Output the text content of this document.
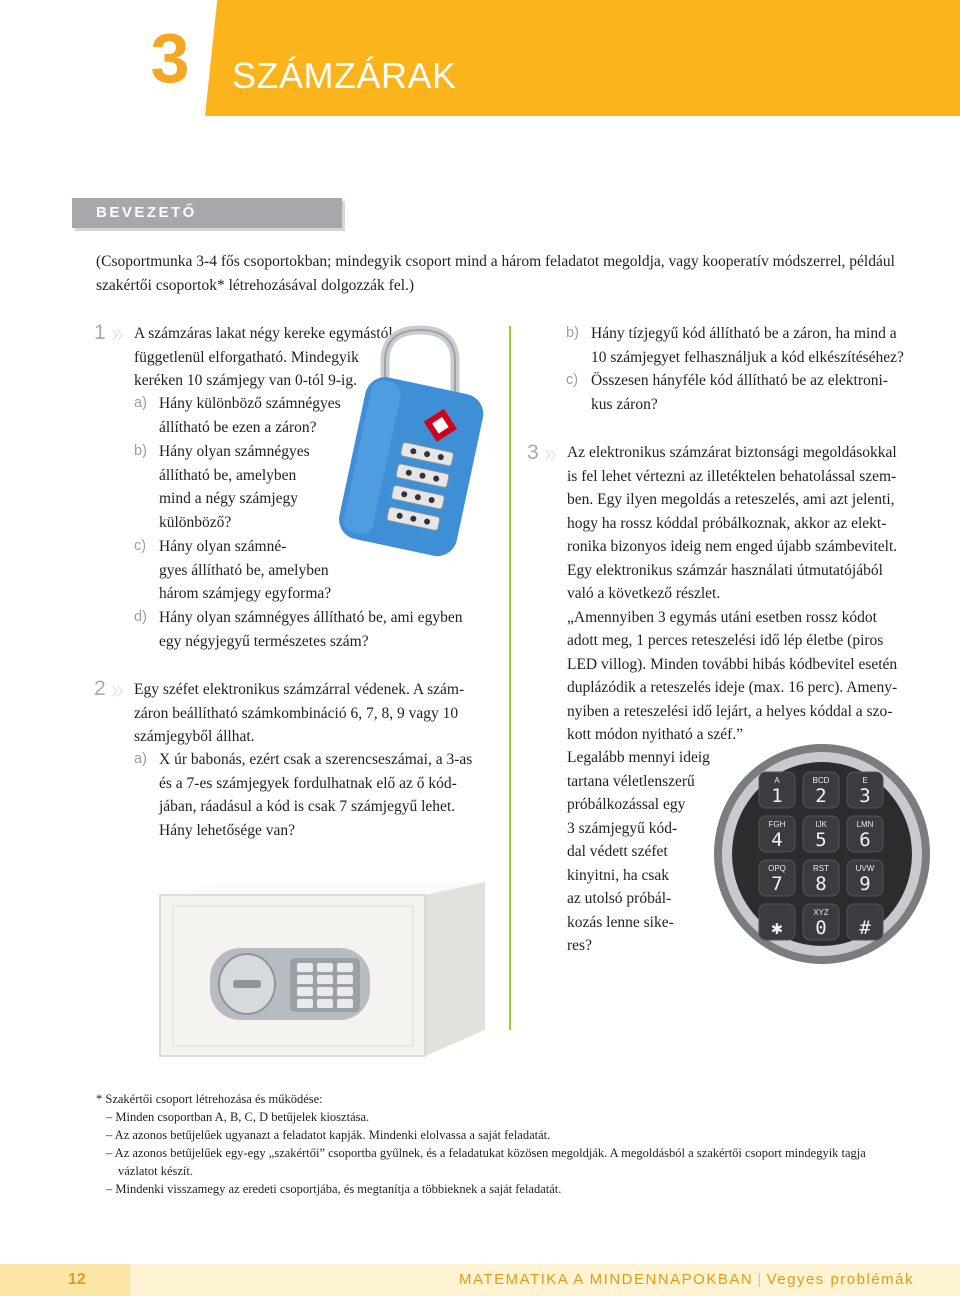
3 SZÁMZÁRAK
BEVEZETŐ
(Csoportmunka 3-4 fős csoportokban; mindegyik csoport mind a három feladatot megoldja, vagy kooperatív módszerrel, például szakértői csoportok* létrehozásával dolgozzák fel.)
1 〉〉 A számzáras lakat négy kereke egymástól
függetlenül elforgatható. Mindegyik
keréken 10 számjegy van 0-tól 9-ig.
a) Hány különböző számnégyes
állítható be ezen a záron?
b) Hány olyan számnégyes
állítható be, amelyben
mind a négy számjegy
különböző?
c) Hány olyan számné-
gyes állítható be, amelyben
három számjegy egyforma?
d) Hány olyan számnégyes állítható be, ami egyben
egy négyjegyű természetes szám?
2 〉〉 Egy széfet elektronikus számzárral védenek. A szám-
záron beállítható számkombináció 6, 7, 8, 9 vagy 10
számjegyből állhat.
a) X úr babonás, ezért csak a szerencseszámai, a 3-as
és a 7-es számjegyek fordulhatnak elő az ő kód-
jában, ráadásul a kód is csak 7 számjegyű lehet.
Hány lehetősége van?
b) Hány tízjegyű kód állítható be a záron, ha mind a
10 számjegyet felhasználjuk a kód elkészítéséhez?
c) Összesen hányféle kód állítható be az elektroni-
kus záron?
3 〉〉 Az elektronikus számzárat biztonsági megoldásokkal
is fel lehet vértezni az illetéktelen behatolással szem-
ben. Egy ilyen megoldás a reteszelés, ami azt jelenti,
hogy ha rossz kóddal próbálkoznak, akkor az elekt-
ronika bizonyos ideig nem enged újabb számbevitelt.
Egy elektronikus számzár használati útmutatójából
való a következő részlet.
„Amennyiben 3 egymás utáni esetben rossz kódot
adott meg, 1 perces reteszelési idő lép életbe (piros
LED villog). Minden további hibás kódbevitel esetén
duplázódik a reteszelés ideje (max. 16 perc). Ameny-
nyiben a reteszelési idő lejárt, a helyes kóddal a szo-
kott módon nyitható a széf.”
Legalább mennyi ideig
tartana véletlenszerű
próbálkozással egy
3 számjegyű kód-
dal védett széfet
kinyitni, ha csak
az utolsó próbál-
kozás lenne sike-
res?
A
1
BCD
2
E
3
FGH
4
IJK
5
LMN
6
OPQ
7
RST
8
UVW
9
✱
XYZ
0 #
* Szakértői csoport létrehozása és működése:
– Minden csoportban A, B, C, D betűjelek kiosztása.
– Az azonos betűjelűek ugyanazt a feladatot kapják. Mindenki elolvassa a saját feladatát.
– Az azonos betűjelűek egy-egy „szakértői” csoportba gyűlnek, és a feladatukat közösen megoldják. A megoldásból a szakértői csoport mindegyik tagja
vázlatot készít.
– Mindenki visszamegy az eredeti csoportjába, és megtanítja a többieknek a saját feladatát.
12	MATEMATIKA A MINDENNAPOKBAN | Vegyes problémák
